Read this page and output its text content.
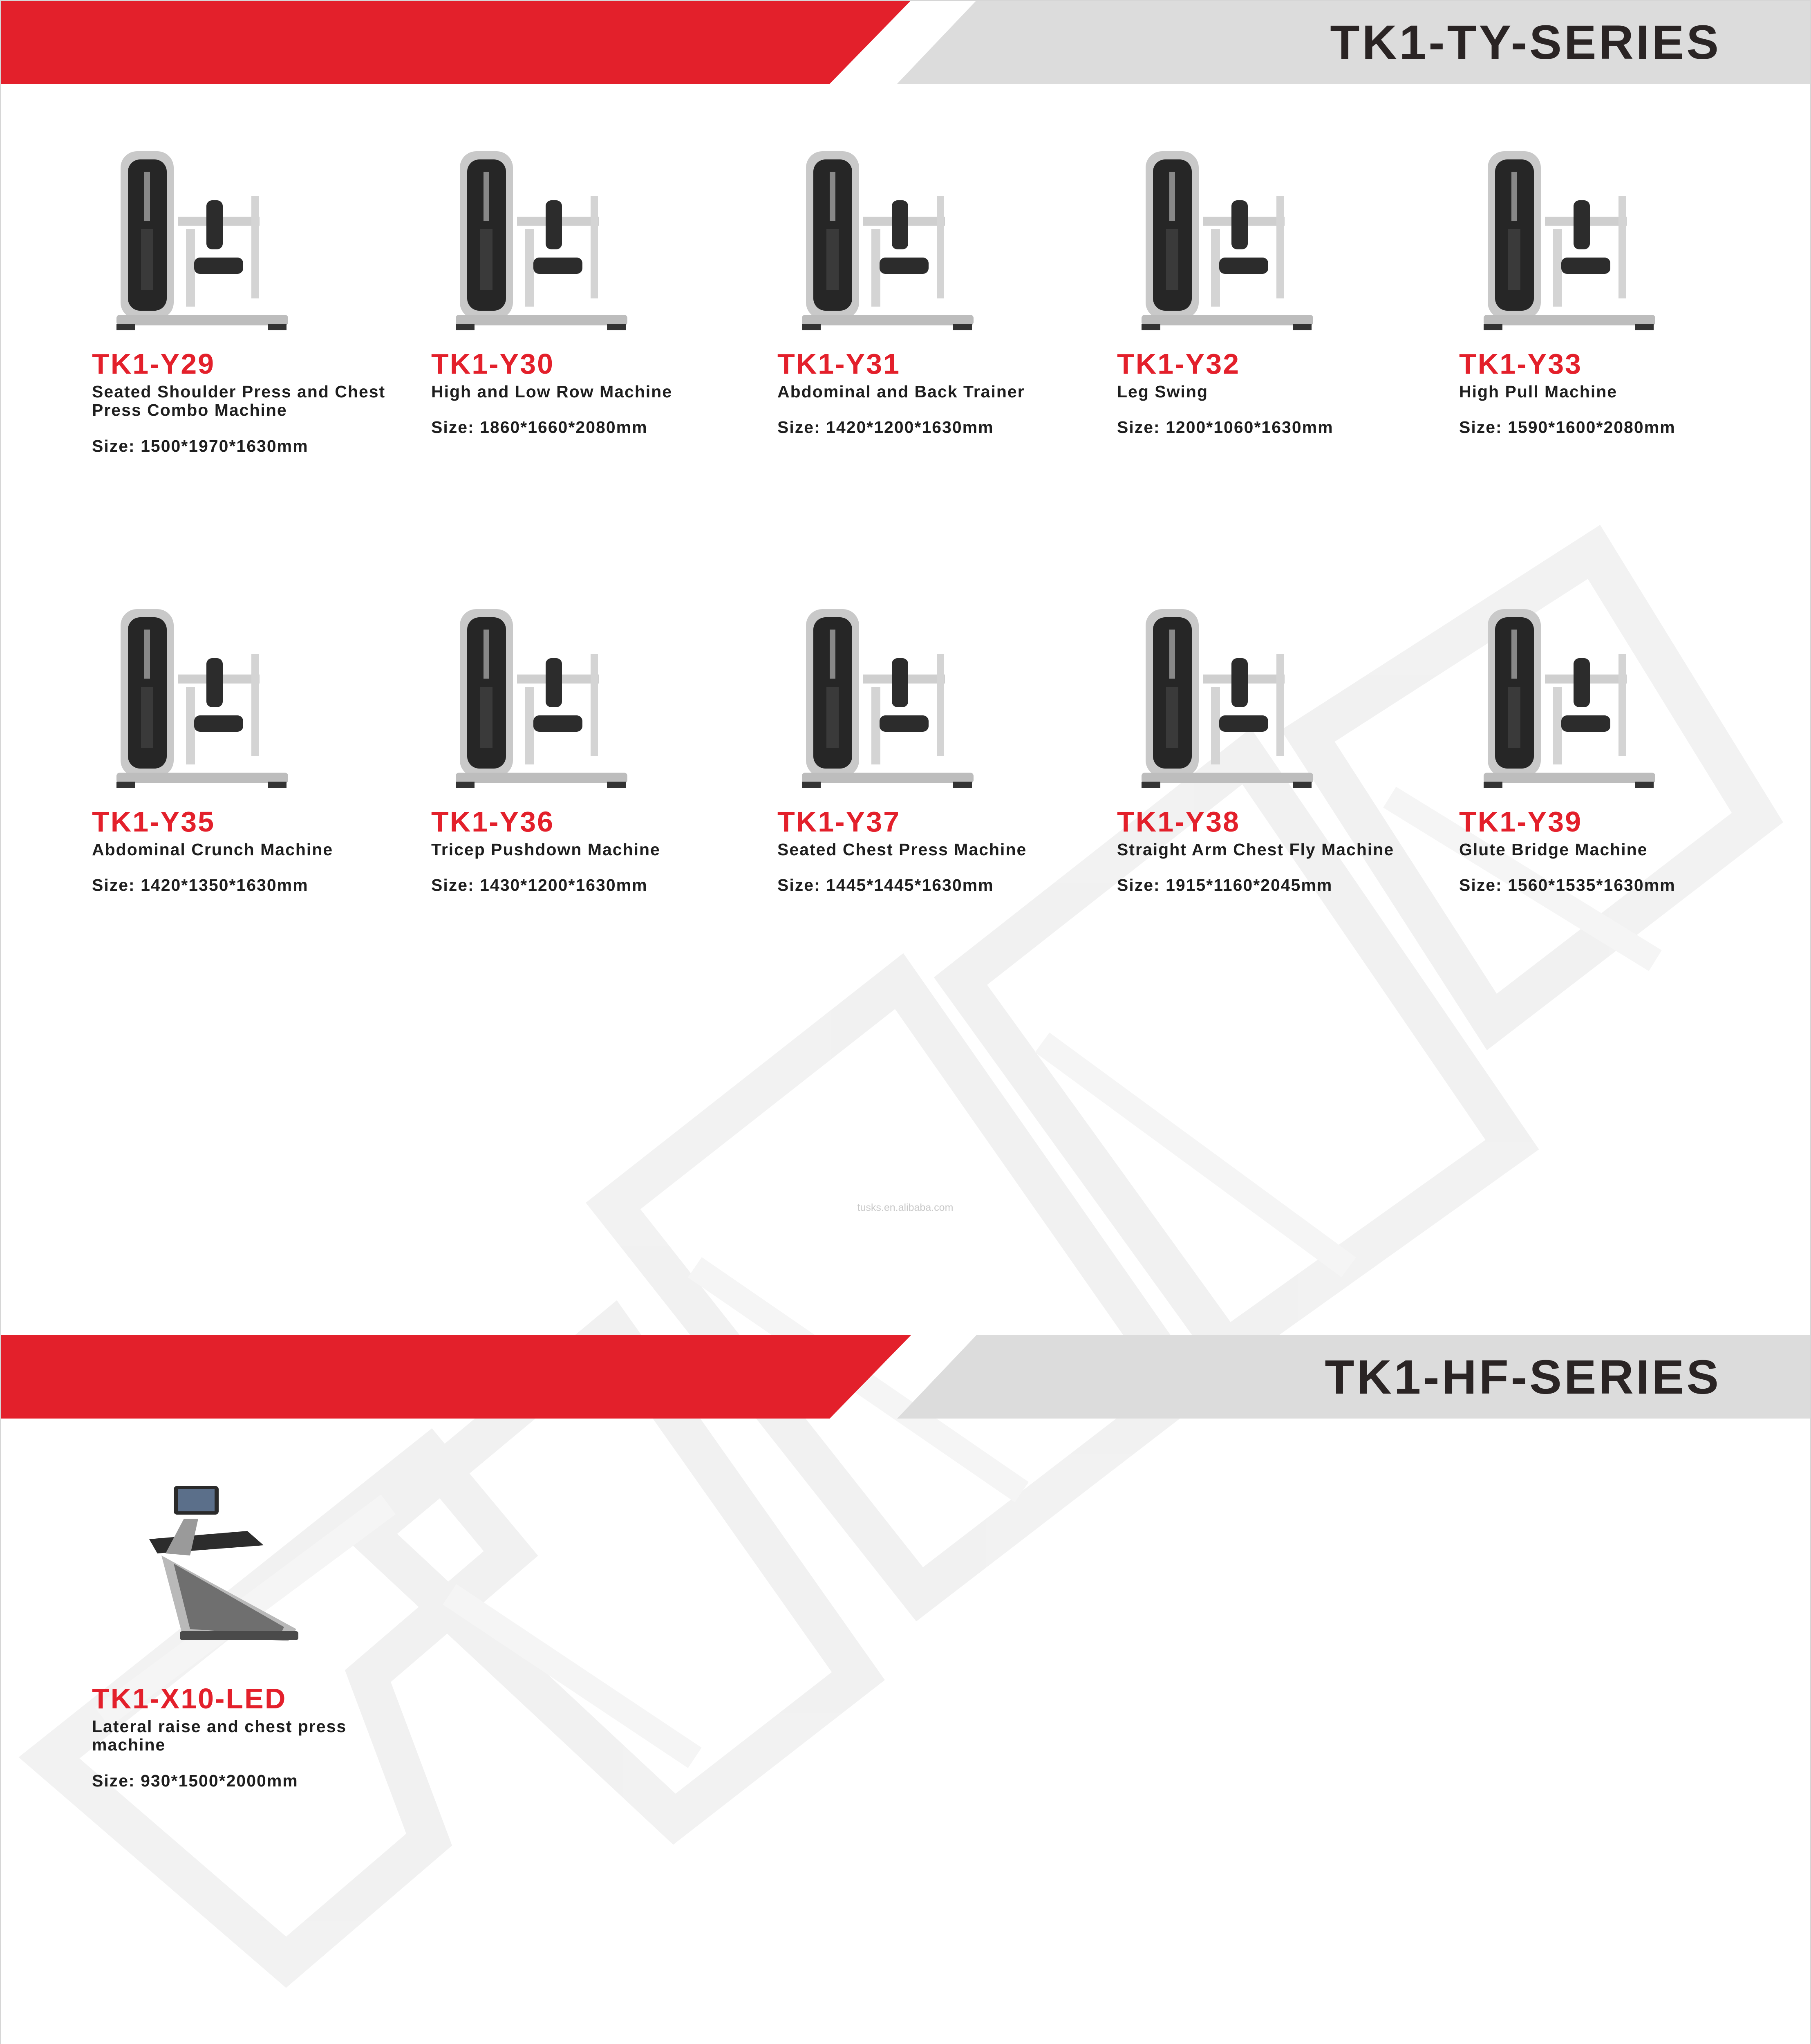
tusks.en.alibaba.com
TK1-TY-SERIES
TK1-HF-SERIES
TK1-Y29
Seated Shoulder Press and Chest Press Combo Machine
Size: 1500*1970*1630mm
TK1-Y30
High and Low Row Machine
Size: 1860*1660*2080mm
TK1-Y31
Abdominal and Back Trainer
Size: 1420*1200*1630mm
TK1-Y32
Leg Swing
Size: 1200*1060*1630mm
TK1-Y33
High Pull Machine
Size: 1590*1600*2080mm
TK1-Y35
Abdominal Crunch Machine
Size: 1420*1350*1630mm
TK1-Y36
Tricep Pushdown Machine
Size: 1430*1200*1630mm
TK1-Y37
Seated Chest Press Machine
Size: 1445*1445*1630mm
TK1-Y38
Straight Arm Chest Fly Machine
Size: 1915*1160*2045mm
TK1-Y39
Glute Bridge Machine
Size: 1560*1535*1630mm
TK1-X10-LED
Lateral raise and chest press machine
Size: 930*1500*2000mm
